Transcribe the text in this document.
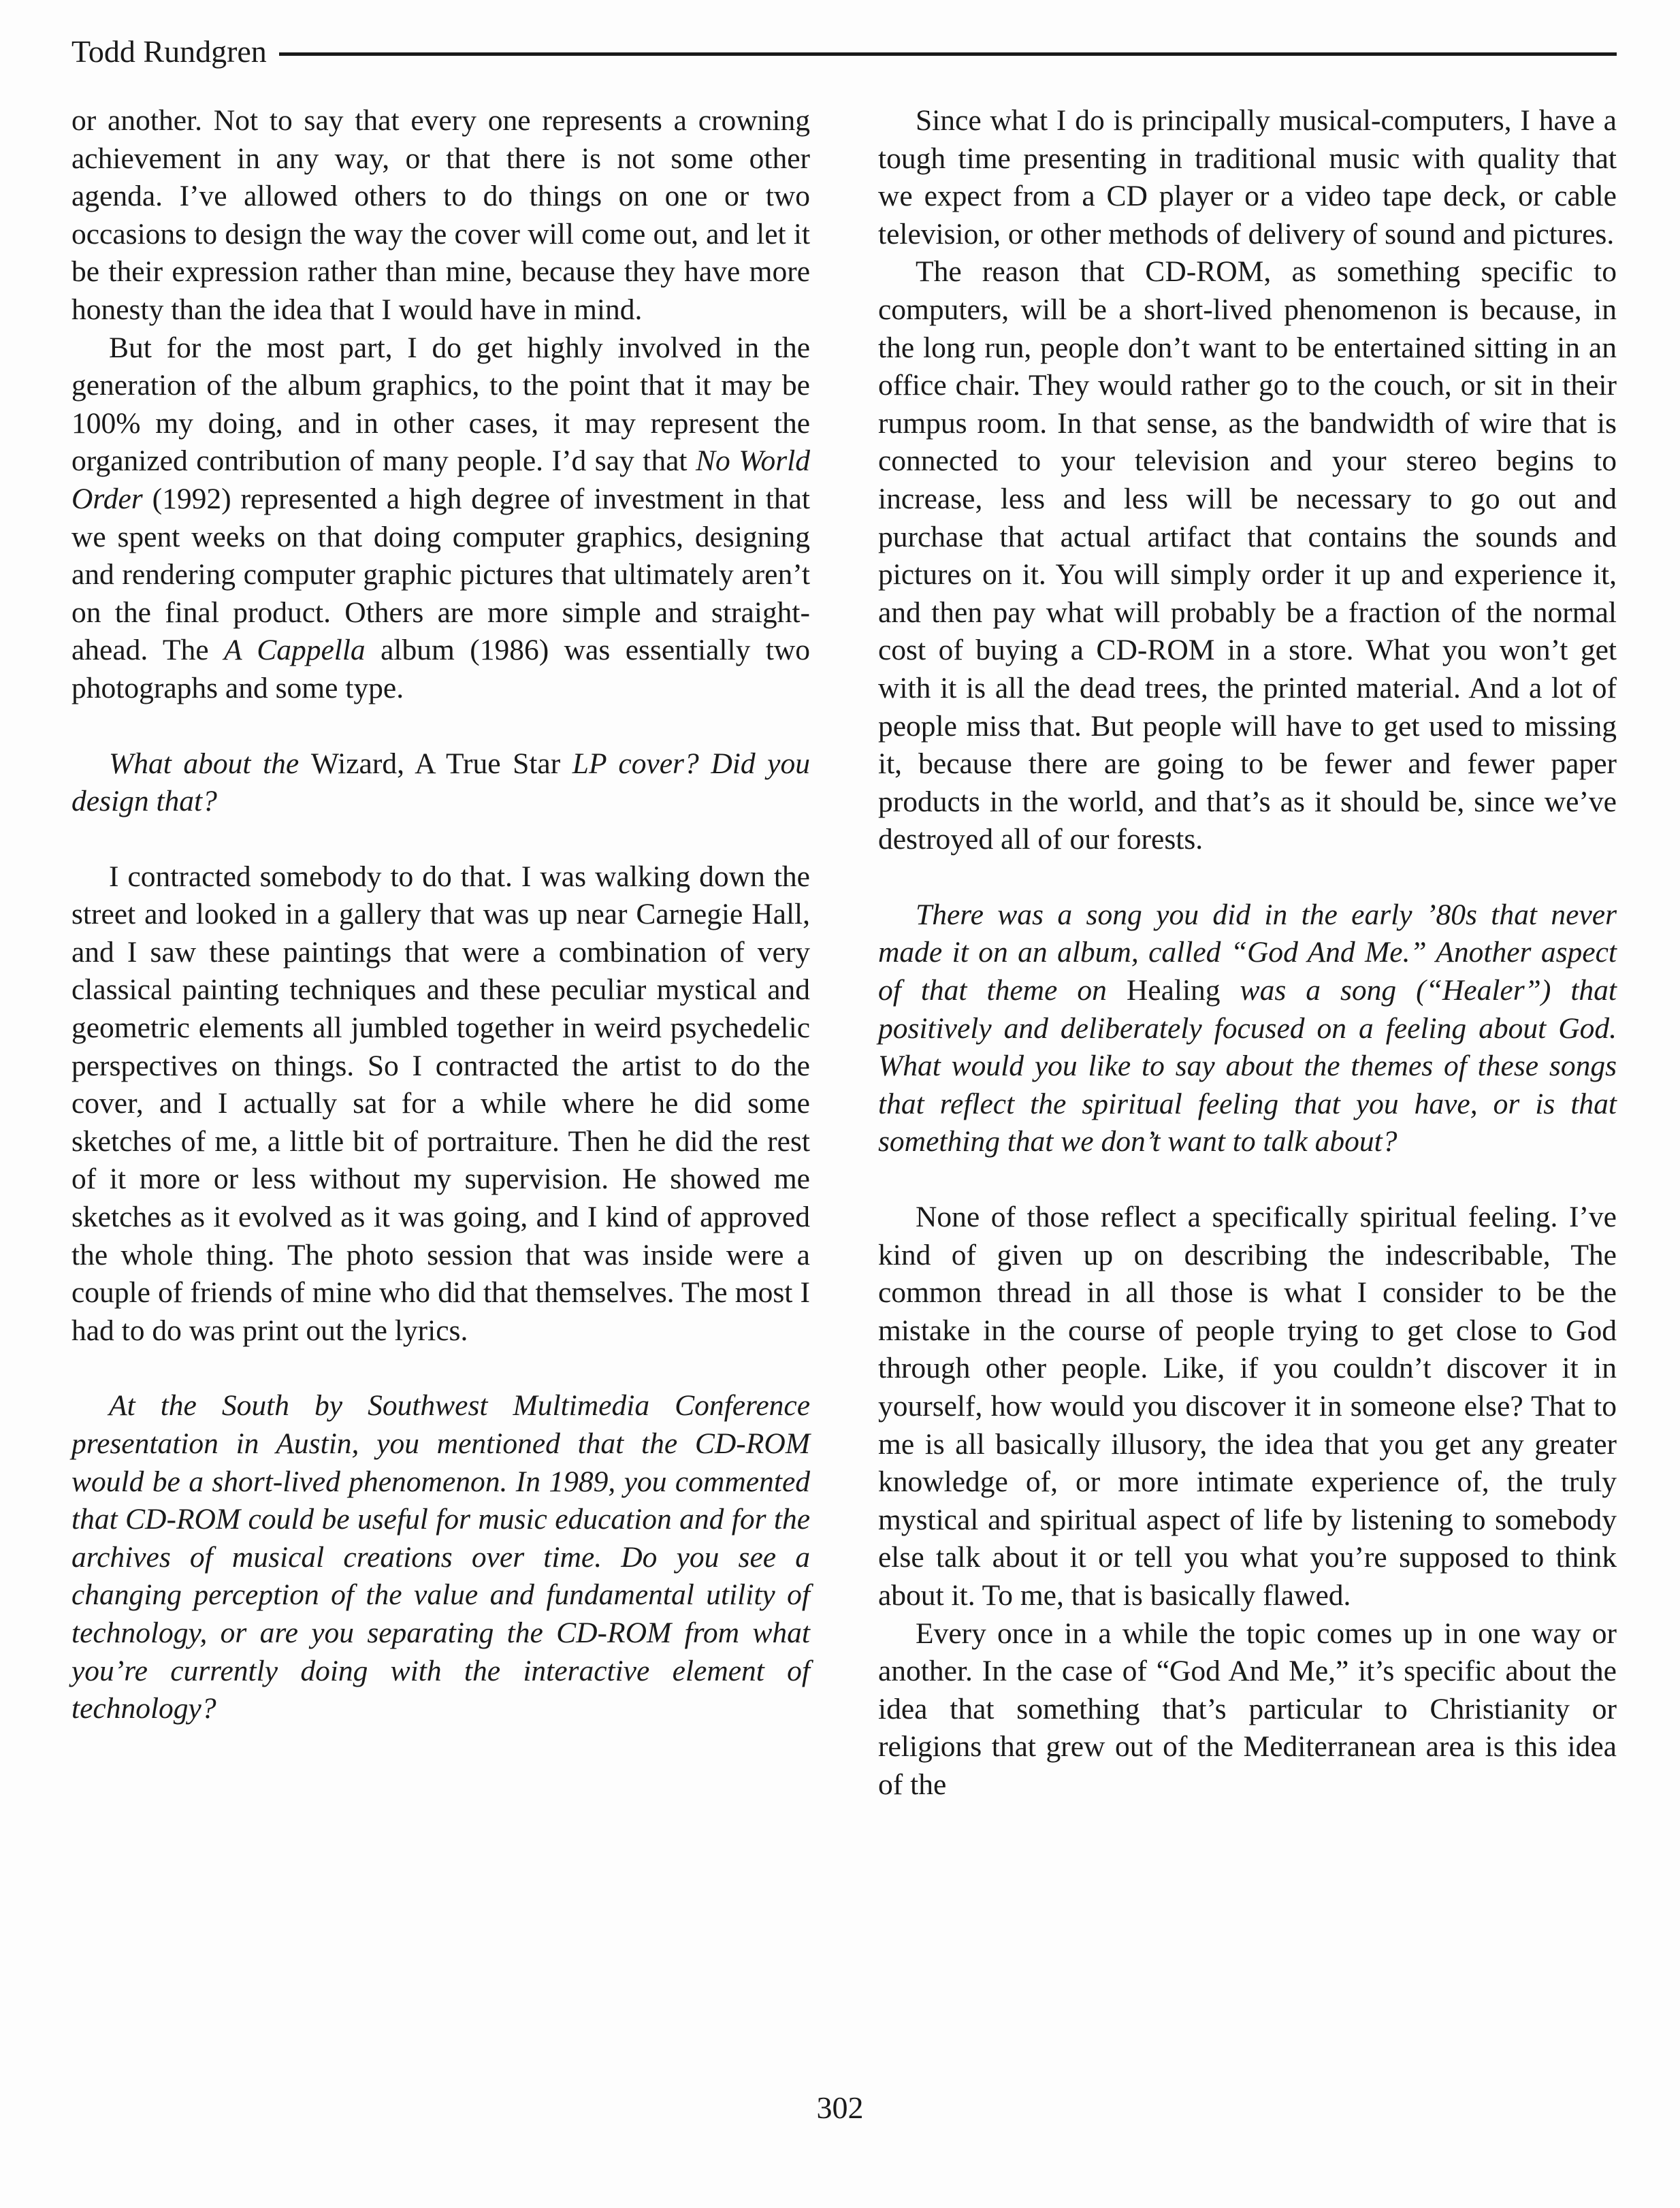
Todd Rundgren

or another. Not to say that every one represents a crowning achievement in any way, or that there is not some other agenda. I’ve allowed others to do things on one or two occasions to design the way the cover will come out, and let it be their expression rather than mine, because they have more honesty than the idea that I would have in mind.

But for the most part, I do get highly involved in the generation of the album graphics, to the point that it may be 100% my doing, and in other cases, it may represent the organized contribution of many people. I’d say that No World Order (1992) represented a high degree of investment in that we spent weeks on that doing computer graphics, designing and rendering computer graphic pictures that ultimately aren’t on the final product. Others are more simple and straight-ahead. The A Cappella album (1986) was essentially two photographs and some type.

What about the Wizard, A True Star LP cover? Did you design that?

I contracted somebody to do that. I was walking down the street and looked in a gallery that was up near Carnegie Hall, and I saw these paintings that were a combination of very classical painting techniques and these peculiar mystical and geometric elements all jumbled together in weird psychedelic perspectives on things. So I contracted the artist to do the cover, and I actually sat for a while where he did some sketches of me, a little bit of portraiture. Then he did the rest of it more or less without my supervision. He showed me sketches as it evolved as it was going, and I kind of approved the whole thing. The photo session that was inside were a couple of friends of mine who did that themselves. The most I had to do was print out the lyrics.

At the South by Southwest Multimedia Conference presentation in Austin, you mentioned that the CD-ROM would be a short-lived phenomenon. In 1989, you commented that CD-ROM could be useful for music education and for the archives of musical creations over time. Do you see a changing perception of the value and fundamental utility of technology, or are you separating the CD-ROM from what you’re currently doing with the interactive element of technology?

Since what I do is principally musical-computers, I have a tough time presenting in traditional music with quality that we expect from a CD player or a video tape deck, or cable television, or other methods of delivery of sound and pictures.

The reason that CD-ROM, as something specific to computers, will be a short-lived phenomenon is because, in the long run, people don’t want to be entertained sitting in an office chair. They would rather go to the couch, or sit in their rumpus room. In that sense, as the bandwidth of wire that is connected to your television and your stereo begins to increase, less and less will be necessary to go out and purchase that actual artifact that contains the sounds and pictures on it. You will simply order it up and experience it, and then pay what will probably be a fraction of the normal cost of buying a CD-ROM in a store. What you won’t get with it is all the dead trees, the printed material. And a lot of people miss that. But people will have to get used to missing it, because there are going to be fewer and fewer paper products in the world, and that’s as it should be, since we’ve destroyed all of our forests.

There was a song you did in the early ’80s that never made it on an album, called “God And Me.” Another aspect of that theme on Healing was a song (“Healer”) that positively and deliberately focused on a feeling about God. What would you like to say about the themes of these songs that reflect the spiritual feeling that you have, or is that something that we don’t want to talk about?

None of those reflect a specifically spiritual feeling. I’ve kind of given up on describing the indescribable, The common thread in all those is what I consider to be the mistake in the course of people trying to get close to God through other people. Like, if you couldn’t discover it in yourself, how would you discover it in someone else? That to me is all basically illusory, the idea that you get any greater knowledge of, or more intimate experience of, the truly mystical and spiritual aspect of life by listening to somebody else talk about it or tell you what you’re supposed to think about it. To me, that is basically flawed.

Every once in a while the topic comes up in one way or another. In the case of “God And Me,” it’s specific about the idea that something that’s particular to Christianity or religions that grew out of the Mediterranean area is this idea of the

302
